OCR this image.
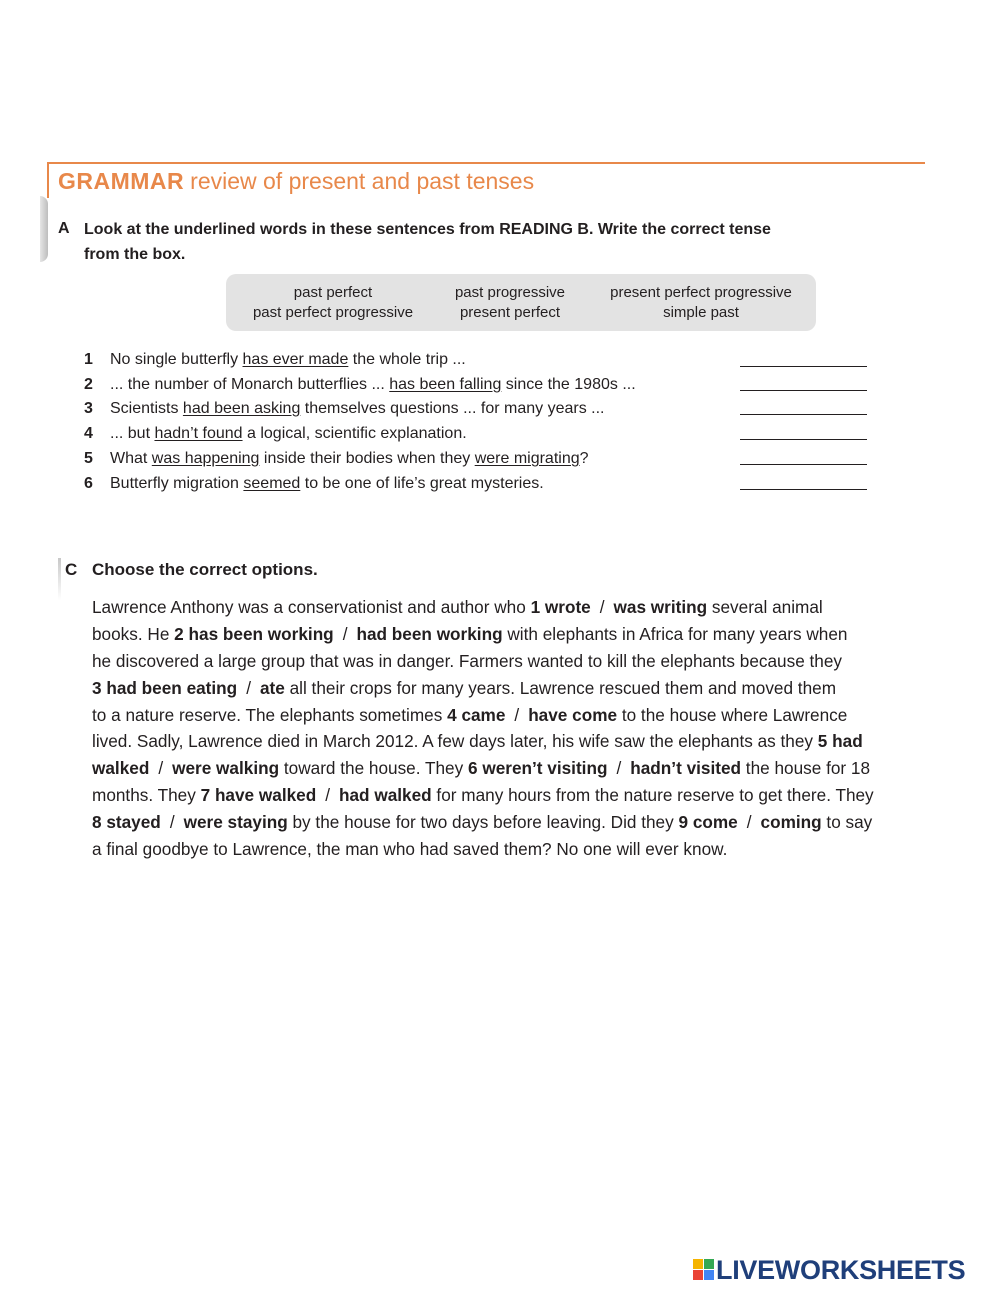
GRAMMAR review of present and past tenses
A Look at the underlined words in these sentences from READING B. Write the correct tense
from the box.
past perfect	past progressive	present perfect progressive
past perfect progressive	present perfect	simple past
1 No single butterfly has ever made the whole trip ...
2 ... the number of Monarch butterflies ... has been falling since the 1980s ...
3 Scientists had been asking themselves questions ... for many years ...
4 ... but hadn’t found a logical, scientific explanation.
5 What was happening inside their bodies when they were migrating?
6 Butterfly migration seemed to be one of life’s great mysteries.
C Choose the correct options.
Lawrence Anthony was a conservationist and author who 1 wrote / was writing several animal
books. He 2 has been working / had been working with elephants in Africa for many years when
he discovered a large group that was in danger. Farmers wanted to kill the elephants because they
3 had been eating / ate all their crops for many years. Lawrence rescued them and moved them
to a nature reserve. The elephants sometimes 4 came / have come to the house where Lawrence
lived. Sadly, Lawrence died in March 2012. A few days later, his wife saw the elephants as they 5 had
walked / were walking toward the house. They 6 weren’t visiting / hadn’t visited the house for 18
months. They 7 have walked / had walked for many hours from the nature reserve to get there. They
8 stayed / were staying by the house for two days before leaving. Did they 9 come / coming to say
a final goodbye to Lawrence, the man who had saved them? No one will ever know.
LIVEWORKSHEETS
